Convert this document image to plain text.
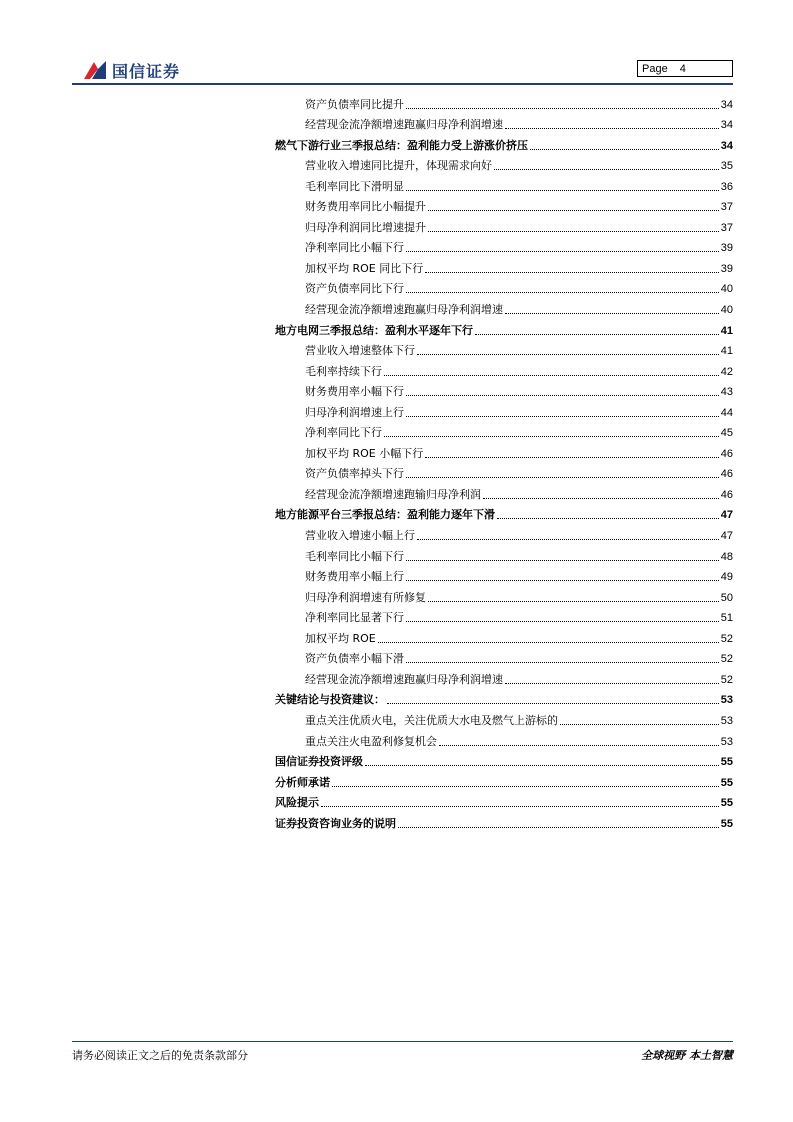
国信证券	Page 4
资产负债率同比提升	34
经营现金流净额增速跑赢归母净利润增速	34
燃气下游行业三季报总结：盈利能力受上游涨价挤压	34
营业收入增速同比提升，体现需求向好	35
毛利率同比下滑明显	36
财务费用率同比小幅提升	37
归母净利润同比增速提升	37
净利率同比小幅下行	39
加权平均 ROE 同比下行	39
资产负债率同比下行	40
经营现金流净额增速跑赢归母净利润增速	40
地方电网三季报总结：盈利水平逐年下行	41
营业收入增速整体下行	41
毛利率持续下行	42
财务费用率小幅下行	43
归母净利润增速上行	44
净利率同比下行	45
加权平均 ROE 小幅下行	46
资产负债率掉头下行	46
经营现金流净额增速跑输归母净利润	46
地方能源平台三季报总结：盈利能力逐年下滑	47
营业收入增速小幅上行	47
毛利率同比小幅下行	48
财务费用率小幅上行	49
归母净利润增速有所修复	50
净利率同比显著下行	51
加权平均 ROE	52
资产负债率小幅下滑	52
经营现金流净额增速跑赢归母净利润增速	52
关键结论与投资建议：	53
重点关注优质火电，关注优质大水电及燃气上游标的	53
重点关注火电盈利修复机会	53
国信证券投资评级	55
分析师承诺	55
风险提示	55
证券投资咨询业务的说明	55
请务必阅读正文之后的免责条款部分	全球视野 本土智慧
